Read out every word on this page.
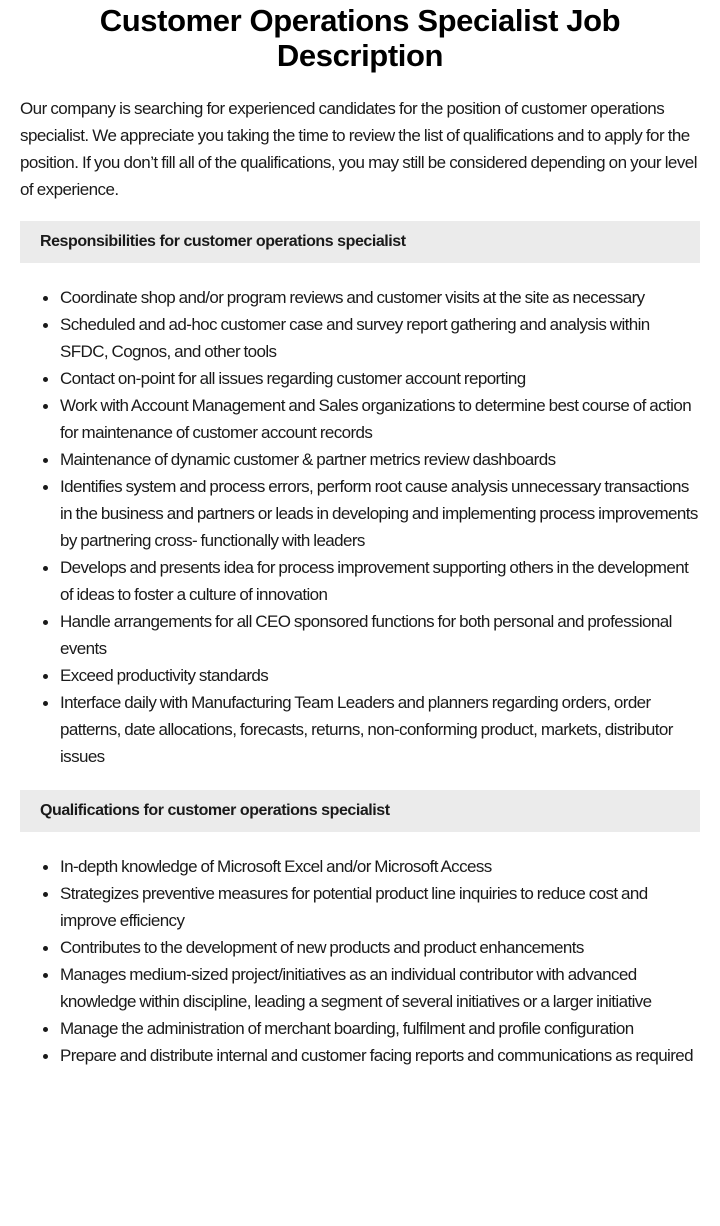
Customer Operations Specialist Job Description

Our company is searching for experienced candidates for the position of customer operations specialist. We appreciate you taking the time to review the list of qualifications and to apply for the position. If you don’t fill all of the qualifications, you may still be considered depending on your level of experience.

Responsibilities for customer operations specialist
Coordinate shop and/or program reviews and customer visits at the site as necessary
Scheduled and ad-hoc customer case and survey report gathering and analysis within SFDC, Cognos, and other tools
Contact on-point for all issues regarding customer account reporting
Work with Account Management and Sales organizations to determine best course of action for maintenance of customer account records
Maintenance of dynamic customer & partner metrics review dashboards
Identifies system and process errors, perform root cause analysis unnecessary transactions in the business and partners or leads in developing and implementing process improvements by partnering cross- functionally with leaders
Develops and presents idea for process improvement supporting others in the development of ideas to foster a culture of innovation
Handle arrangements for all CEO sponsored functions for both personal and professional events
Exceed productivity standards
Interface daily with Manufacturing Team Leaders and planners regarding orders, order patterns, date allocations, forecasts, returns, non-conforming product, markets, distributor issues
Qualifications for customer operations specialist
In-depth knowledge of Microsoft Excel and/or Microsoft Access
Strategizes preventive measures for potential product line inquiries to reduce cost and improve efficiency
Contributes to the development of new products and product enhancements
Manages medium-sized project/initiatives as an individual contributor with advanced knowledge within discipline, leading a segment of several initiatives or a larger initiative
Manage the administration of merchant boarding, fulfilment and profile configuration
Prepare and distribute internal and customer facing reports and communications as required
